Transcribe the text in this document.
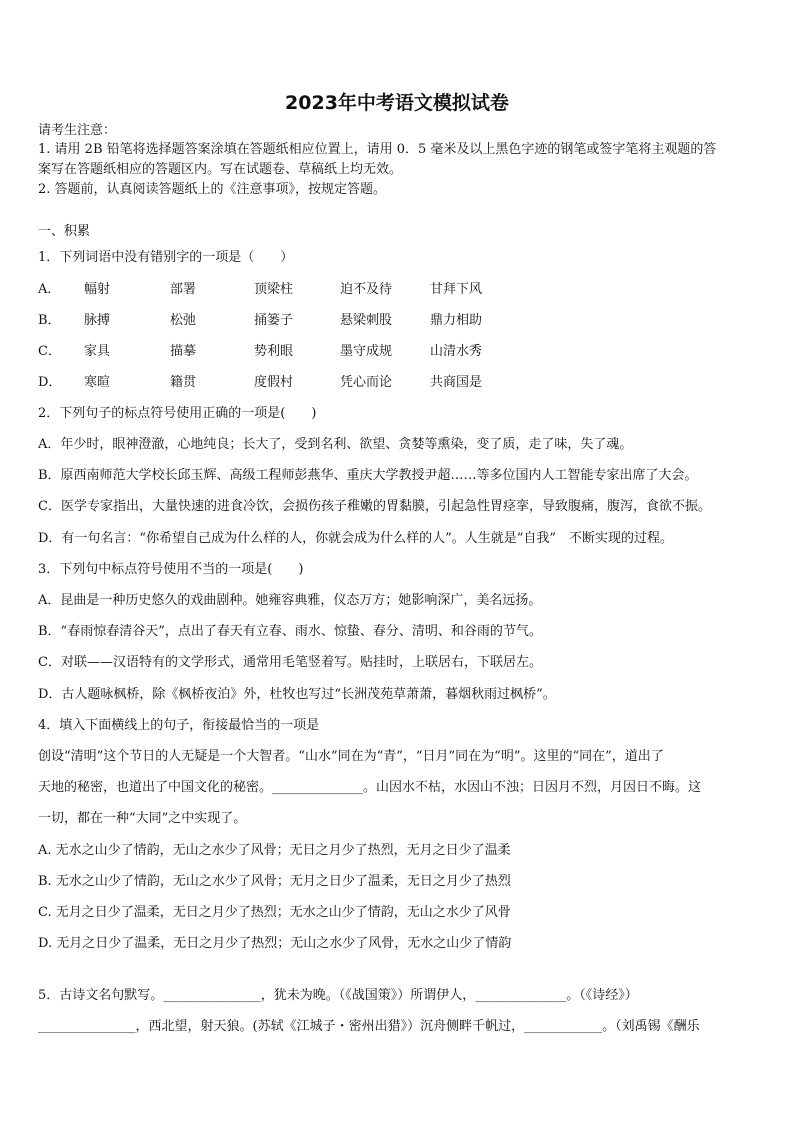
2023年中考语文模拟试卷
请考生注意：
1. 请用 2B 铅笔将选择题答案涂填在答题纸相应位置上，请用 0．5 毫米及以上黑色字迹的钢笔或签字笔将主观题的答
案写在答题纸相应的答题区内。写在试题卷、草稿纸上均无效。
2. 答题前，认真阅读答题纸上的《注意事项》，按规定答题。
一、积累
1．下列词语中没有错别字的一项是（　　）
A． 幅射	部署	顶梁柱	迫不及待	甘拜下风
B． 脉搏	松弛	捅篓子	悬梁刺股	鼎力相助
C． 家具	描摹	势利眼	墨守成规	山清水秀
D． 寒暄	籍贯	度假村	凭心而论	共商国是
2．下列句子的标点符号使用正确的一项是(　　)
A．年少时，眼神澄澈，心地纯良；长大了，受到名利、欲望、贪婪等熏染，变了质，走了味，失了魂。
B．原西南师范大学校长邱玉辉、高级工程师彭燕华、重庆大学教授尹超……等多位国内人工智能专家出席了大会。
C．医学专家指出，大量快速的进食冷饮，会损伤孩子稚嫩的胃黏膜，引起急性胃痉挛，导致腹痛，腹泻，食欲不振。
D．有一句名言：“你希望自己成为什么样的人，你就会成为什么样的人”。人生就是“自我”　不断实现的过程。
3．下列句中标点符号使用不当的一项是(　　)
A．昆曲是一种历史悠久的戏曲剧种。她雍容典雅，仪态万方；她影响深广，美名远扬。
B．“春雨惊春清谷天”，点出了春天有立春、雨水、惊蛰、春分、清明、和谷雨的节气。
C．对联——汉语特有的文学形式，通常用毛笔竖着写。贴挂时，上联居右，下联居左。
D．古人题咏枫桥，除《枫桥夜泊》外，杜牧也写过“长洲茂苑草萧萧，暮烟秋雨过枫桥”。
4．填入下面横线上的句子，衔接最恰当的一项是
创设“清明”这个节日的人无疑是一个大智者。“山水”同在为“青”，“日月”同在为“明”。这里的“同在”，道出了
天地的秘密，也道出了中国文化的秘密。______________。山因水不枯，水因山不浊；日因月不烈，月因日不晦。这
一切，都在一种“大同”之中实现了。
A. 无水之山少了情韵，无山之水少了风骨；无日之月少了热烈，无月之日少了温柔
B. 无水之山少了情韵，无山之水少了风骨；无月之日少了温柔，无日之月少了热烈
C. 无月之日少了温柔，无日之月少了热烈；无水之山少了情韵，无山之水少了风骨
D. 无月之日少了温柔，无日之月少了热烈；无山之水少了风骨，无水之山少了情韵
5．古诗文名句默写。_______________，犹未为晚。（《战国策》）所谓伊人，______________。（《诗经》）
_______________，西北望，射天狼。(苏轼《江城子・密州出猎》）沉舟侧畔千帆过，____________。（刘禹锡《酬乐
